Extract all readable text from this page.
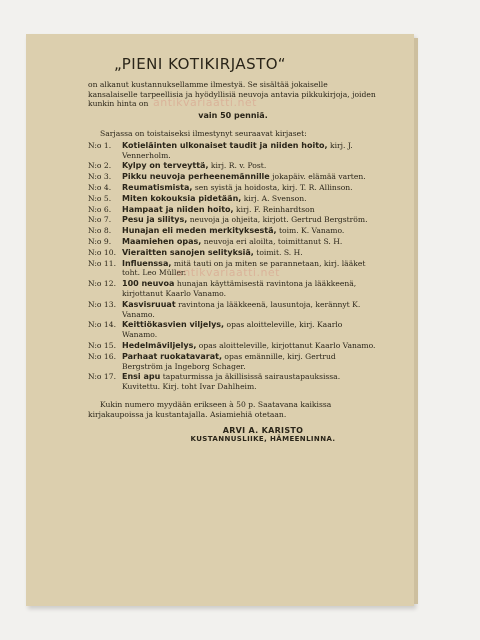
„PIENI KOTIKIRJASTO“
on alkanut kustannuksellamme ilmestyä. Se sisältää jokaiselle kansalaiselle tarpeellisia ja hyödyllisiä neuvoja antavia pikkukirjoja, joiden kunkin hinta on
vain 50 penniä.
Sarjassa on toistaiseksi ilmestynyt seuraavat kirjaset:
N:o 1.	Kotieläinten ulkonaiset taudit ja niiden hoito, kirj. J. Vennerholm.
N:o 2.	Kylpy on terveyttä, kirj. R. v. Post.
N:o 3.	Pikku neuvoja perheenemännille jokapäiv. elämää varten.
N:o 4.	Reumatismista, sen syistä ja hoidosta, kirj. T. R. Allinson.
N:o 5.	Miten kokouksia pidetään, kirj. A. Svenson.
N:o 6.	Hampaat ja niiden hoito, kirj. F. Reinhardtson
N:o 7.	Pesu ja silitys, neuvoja ja ohjeita, kirjott. Gertrud Bergström.
N:o 8.	Hunajan eli meden merkityksestä, toim. K. Vanamo.
N:o 9.	Maamiehen opas, neuvoja eri aloilta, toimittanut S. H.
N:o 10. Vieraitten sanojen selityksiä, toimit. S. H.
N:o 11. Influenssa, mitä tauti on ja miten se parannetaan, kirj. lääket toht. Leo Müller.
N:o 12. 100 neuvoa hunajan käyttämisestä ravintona ja lääkkeenä, kirjottanut Kaarlo Vanamo.
N:o 13. Kasvisruuat ravintona ja lääkkeenä, lausuntoja, kerännyt K. Vanamo.
N:o 14. Keittiökasvien viljelys, opas aloitteleville, kirj. Kaarlo Wanamo.
N:o 15. Hedelmäviljelys, opas aloitteleville, kirjottanut Kaarlo Vanamo.
N:o 16. Parhaat ruokatavarat, opas emännille, kirj. Gertrud Bergström ja Ingeborg Schager.
N:o 17. Ensi apu tapaturmissa ja äkillisissä sairaustapauksissa. Kuvitettu. Kirj. toht Ivar Dahlheim.
Kukin numero myydään erikseen à 50 p. Saatavana kaikissa kirjakaupoissa ja kustantajalla. Asiamiehiä otetaan.
ARVI A. KARISTO
KUSTANNUSLIIKE, HÄMEENLINNA.
antikvariaatti.net
antikvariaatti.net
